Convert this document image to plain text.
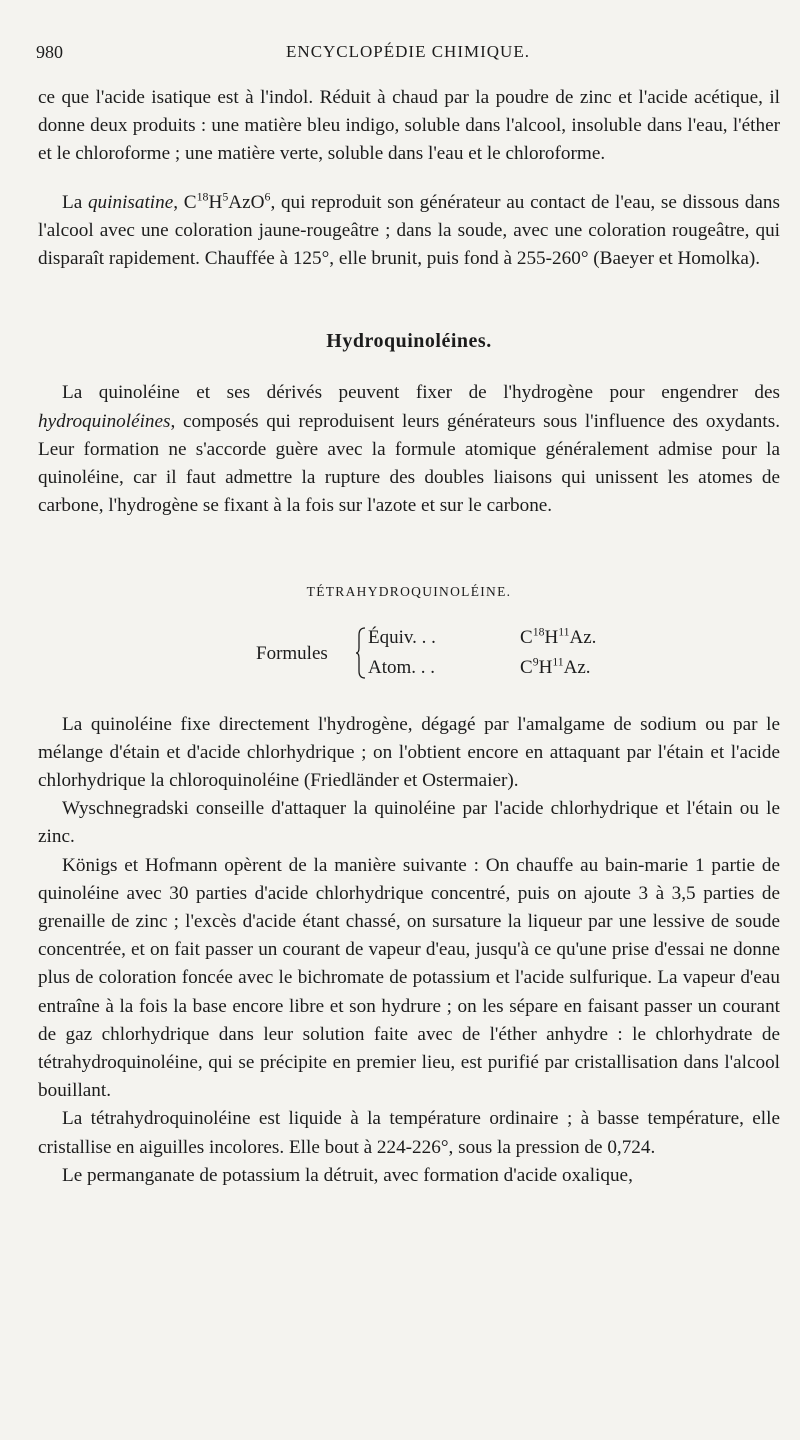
980	ENCYCLOPÉDIE CHIMIQUE.

ce que l'acide isatique est à l'indol. Réduit à chaud par la poudre de zinc et l'acide acétique, il donne deux produits : une matière bleu indigo, soluble dans l'alcool, insoluble dans l'eau, l'éther et le chloroforme ; une matière verte, soluble dans l'eau et le chloroforme.

La quinisatine, $C^{18}H^5AzO^6$, qui reproduit son générateur au contact de l'eau, se dissous dans l'alcool avec une coloration jaune-rougeâtre ; dans la soude, avec une coloration rougeâtre, qui disparaît rapidement. Chauffée à 125°, elle brunit, puis fond à 255-260° (Baeyer et Homolka).

Hydroquinoléines.

La quinoléine et ses dérivés peuvent fixer de l'hydrogène pour engendrer des hydroquinoléines, composés qui reproduisent leurs générateurs sous l'influence des oxydants. Leur formation ne s'accorde guère avec la formule atomique généralement admise pour la quinoléine, car il faut admettre la rupture des doubles liaisons qui unissent les atomes de carbone, l'hydrogène se fixant à la fois sur l'azote et sur le carbone.

TÉTRAHYDROQUINOLÉINE.
Formules
Équiv. . .	$C^{18}H^{11}Az$.
Atom. . .	$C^9H^{11}Az$.

La quinoléine fixe directement l'hydrogène, dégagé par l'amalgame de sodium ou par le mélange d'étain et d'acide chlorhydrique ; on l'obtient encore en attaquant par l'étain et l'acide chlorhydrique la chloroquinoléine (Friedländer et Ostermaier).

Wyschnegradski conseille d'attaquer la quinoléine par l'acide chlorhydrique et l'étain ou le zinc.

Königs et Hofmann opèrent de la manière suivante : On chauffe au bain-marie 1 partie de quinoléine avec 30 parties d'acide chlorhydrique concentré, puis on ajoute 3 à 3,5 parties de grenaille de zinc ; l'excès d'acide étant chassé, on sursature la liqueur par une lessive de soude concentrée, et on fait passer un courant de vapeur d'eau, jusqu'à ce qu'une prise d'essai ne donne plus de coloration foncée avec le bichromate de potassium et l'acide sulfurique. La vapeur d'eau entraîne à la fois la base encore libre et son hydrure ; on les sépare en faisant passer un courant de gaz chlorhydrique dans leur solution faite avec de l'éther anhydre : le chlorhydrate de tétrahydroquinoléine, qui se précipite en premier lieu, est purifié par cristallisation dans l'alcool bouillant.

La tétrahydroquinoléine est liquide à la température ordinaire ; à basse température, elle cristallise en aiguilles incolores. Elle bout à 224-226°, sous la pression de 0,724.

Le permanganate de potassium la détruit, avec formation d'acide oxalique,
